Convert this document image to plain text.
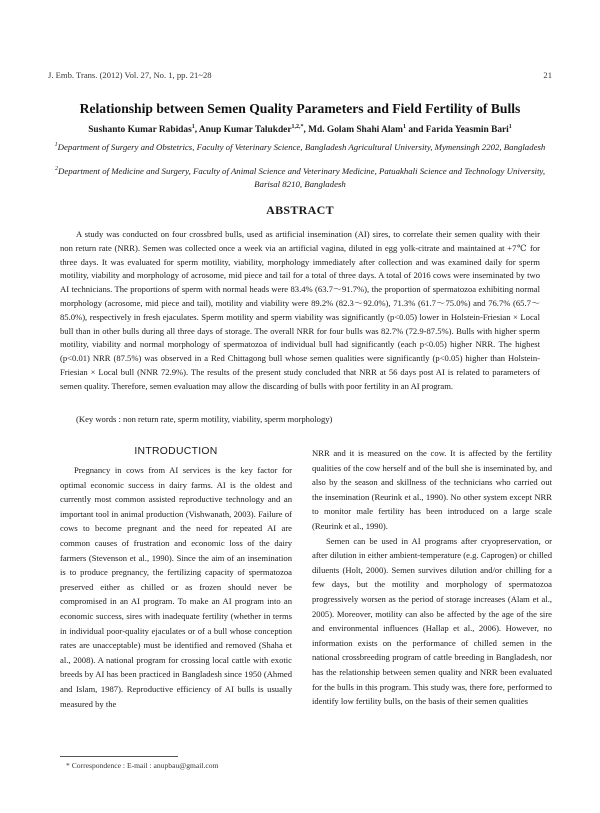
J. Emb. Trans. (2012) Vol. 27, No. 1, pp. 21~28	21
Relationship between Semen Quality Parameters and Field Fertility of Bulls
Sushanto Kumar Rabidas$^1$, Anup Kumar Talukder$^{1,2,*}$, Md. Golam Shahi Alam$^1$ and Farida Yeasmin Bari$^1$
$^1$Department of Surgery and Obstetrics, Faculty of Veterinary Science, Bangladesh Agricultural University, Mymensingh 2202, Bangladesh
$^2$Department of Medicine and Surgery, Faculty of Animal Science and Veterinary Medicine, Patuakhali Science and Technology University, Barisal 8210, Bangladesh
ABSTRACT

A study was conducted on four crossbred bulls, used as artificial insemination (AI) sires, to correlate their semen quality with their non return rate (NRR). Semen was collected once a week via an artificial vagina, diluted in egg yolk-citrate and maintained at +7℃ for three days. It was evaluated for sperm motility, viability, morphology immediately after collection and was examined daily for sperm motility, viability and morphology of acrosome, mid piece and tail for a total of three days. A total of 2016 cows were inseminated by two AI technicians. The proportions of sperm with normal heads were 83.4% (63.7～91.7%), the proportion of spermatozoa exhibiting normal morphology (acrosome, mid piece and tail), motility and viability were 89.2% (82.3～92.0%), 71.3% (61.7～75.0%) and 76.7% (65.7～85.0%), respectively in fresh ejaculates. Sperm motility and sperm viability was significantly (p<0.05) lower in Holstein-Friesian × Local bull than in other bulls during all three days of storage. The overall NRR for four bulls was 82.7% (72.9-87.5%). Bulls with higher sperm motility, viability and normal morphology of spermatozoa of individual bull had significantly (each p<0.05) higher NRR. The highest (p<0.01) NRR (87.5%) was observed in a Red Chittagong bull whose semen qualities were significantly (p<0.05) higher than Holstein-Friesian × Local bull (NNR 72.9%). The results of the present study concluded that NRR at 56 days post AI is related to parameters of semen quality. Therefore, semen evaluation may allow the discarding of bulls with poor fertility in an AI program.

(Key words : non return rate, sperm motility, viability, sperm morphology)
INTRODUCTION

Pregnancy in cows from AI services is the key factor for optimal economic success in dairy farms. AI is the oldest and currently most common assisted reproductive technology and an important tool in animal production (Vishwanath, 2003). Failure of cows to become pregnant and the need for repeated AI are common causes of frustration and economic loss of the dairy farmers (Stevenson et al., 1990). Since the aim of an insemination is to produce pregnancy, the fertilizing capacity of spermatozoa preserved either as chilled or as frozen should never be compromised in an AI program. To make an AI program into an economic success, sires with inadequate fertility (whether in terms in individual poor-quality ejaculates or of a bull whose conception rates are unacceptable) must be identified and removed (Shaha et al., 2008). A national program for crossing local cattle with exotic breeds by AI has been practiced in Bangladesh since 1950 (Ahmed and Islam, 1987). Reproductive efficiency of AI bulls is usually measured by the

NRR and it is measured on the cow. It is affected by the fertility qualities of the cow herself and of the bull she is inseminated by, and also by the season and skillness of the technicians who carried out the insemination (Reurink et al., 1990). No other system except NRR to monitor male fertility has been introduced on a large scale (Reurink et al., 1990).

Semen can be used in AI programs after cryopreservation, or after dilution in either ambient-temperature (e.g. Caprogen) or chilled diluents (Holt, 2000). Semen survives dilution and/or chilling for a few days, but the motility and morphology of spermatozoa progressively worsen as the period of storage increases (Alam et al., 2005). Moreover, motility can also be affected by the age of the sire and environmental influences (Hallap et al., 2006). However, no information exists on the performance of chilled semen in the national crossbreeding program of cattle breeding in Bangladesh, nor has the relationship between semen quality and NRR been evaluated for the bulls in this program. This study was, there fore, performed to identify low fertility bulls, on the basis of their semen qualities

* Correspondence : E-mail : anupbau@gmail.com
